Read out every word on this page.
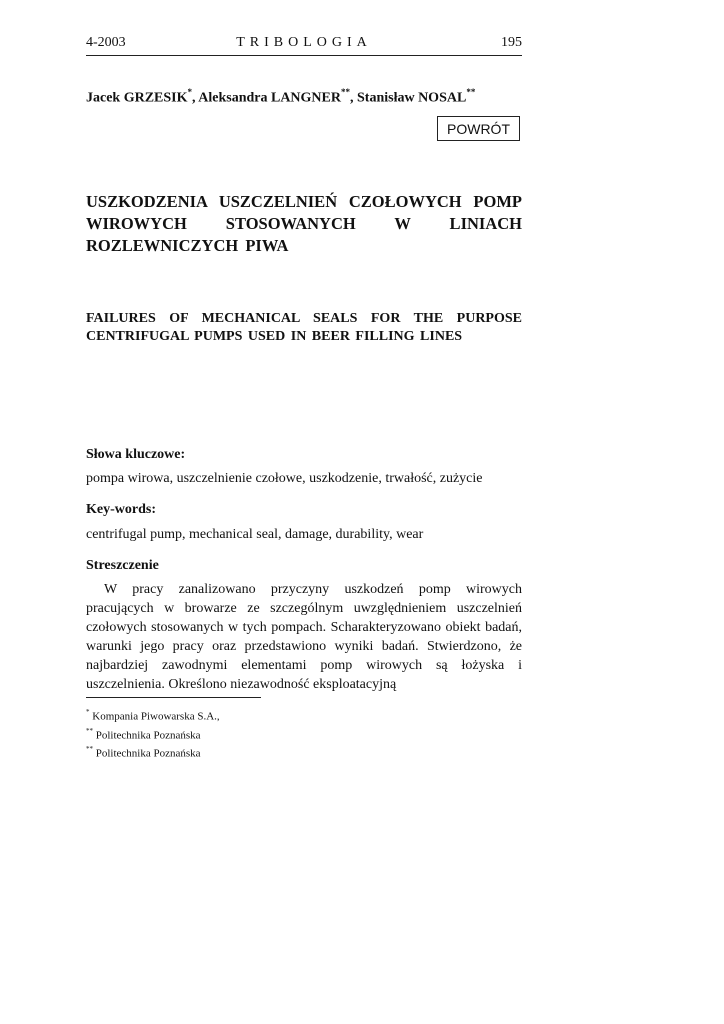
4-2003	TRIBOLOGIA	195
Jacek GRZESIK*, Aleksandra LANGNER**, Stanisław NOSAL**
POWRÓT
USZKODZENIA USZCZELNIEŃ CZOŁOWYCH POMP WIROWYCH STOSOWANYCH W LINIACH ROZLEWNICZYCH PIWA
FAILURES OF MECHANICAL SEALS FOR THE PURPOSE CENTRIFUGAL PUMPS USED IN BEER FILLING LINES
Słowa kluczowe:
pompa wirowa, uszczelnienie czołowe, uszkodzenie, trwałość, zużycie
Key-words:
centrifugal pump, mechanical seal, damage, durability, wear
Streszczenie
W pracy zanalizowano przyczyny uszkodzeń pomp wirowych pracujących w browarze ze szczególnym uwzględnieniem uszczelnień czołowych stosowanych w tych pompach. Scharakteryzowano obiekt badań, warunki jego pracy oraz przedstawiono wyniki badań. Stwierdzono, że najbardziej zawodnymi elementami pomp wirowych są łożyska i uszczelnienia. Określono niezawodność eksploatacyjną
* Kompania Piwowarska S.A.,
** Politechnika Poznańska
** Politechnika Poznańska
